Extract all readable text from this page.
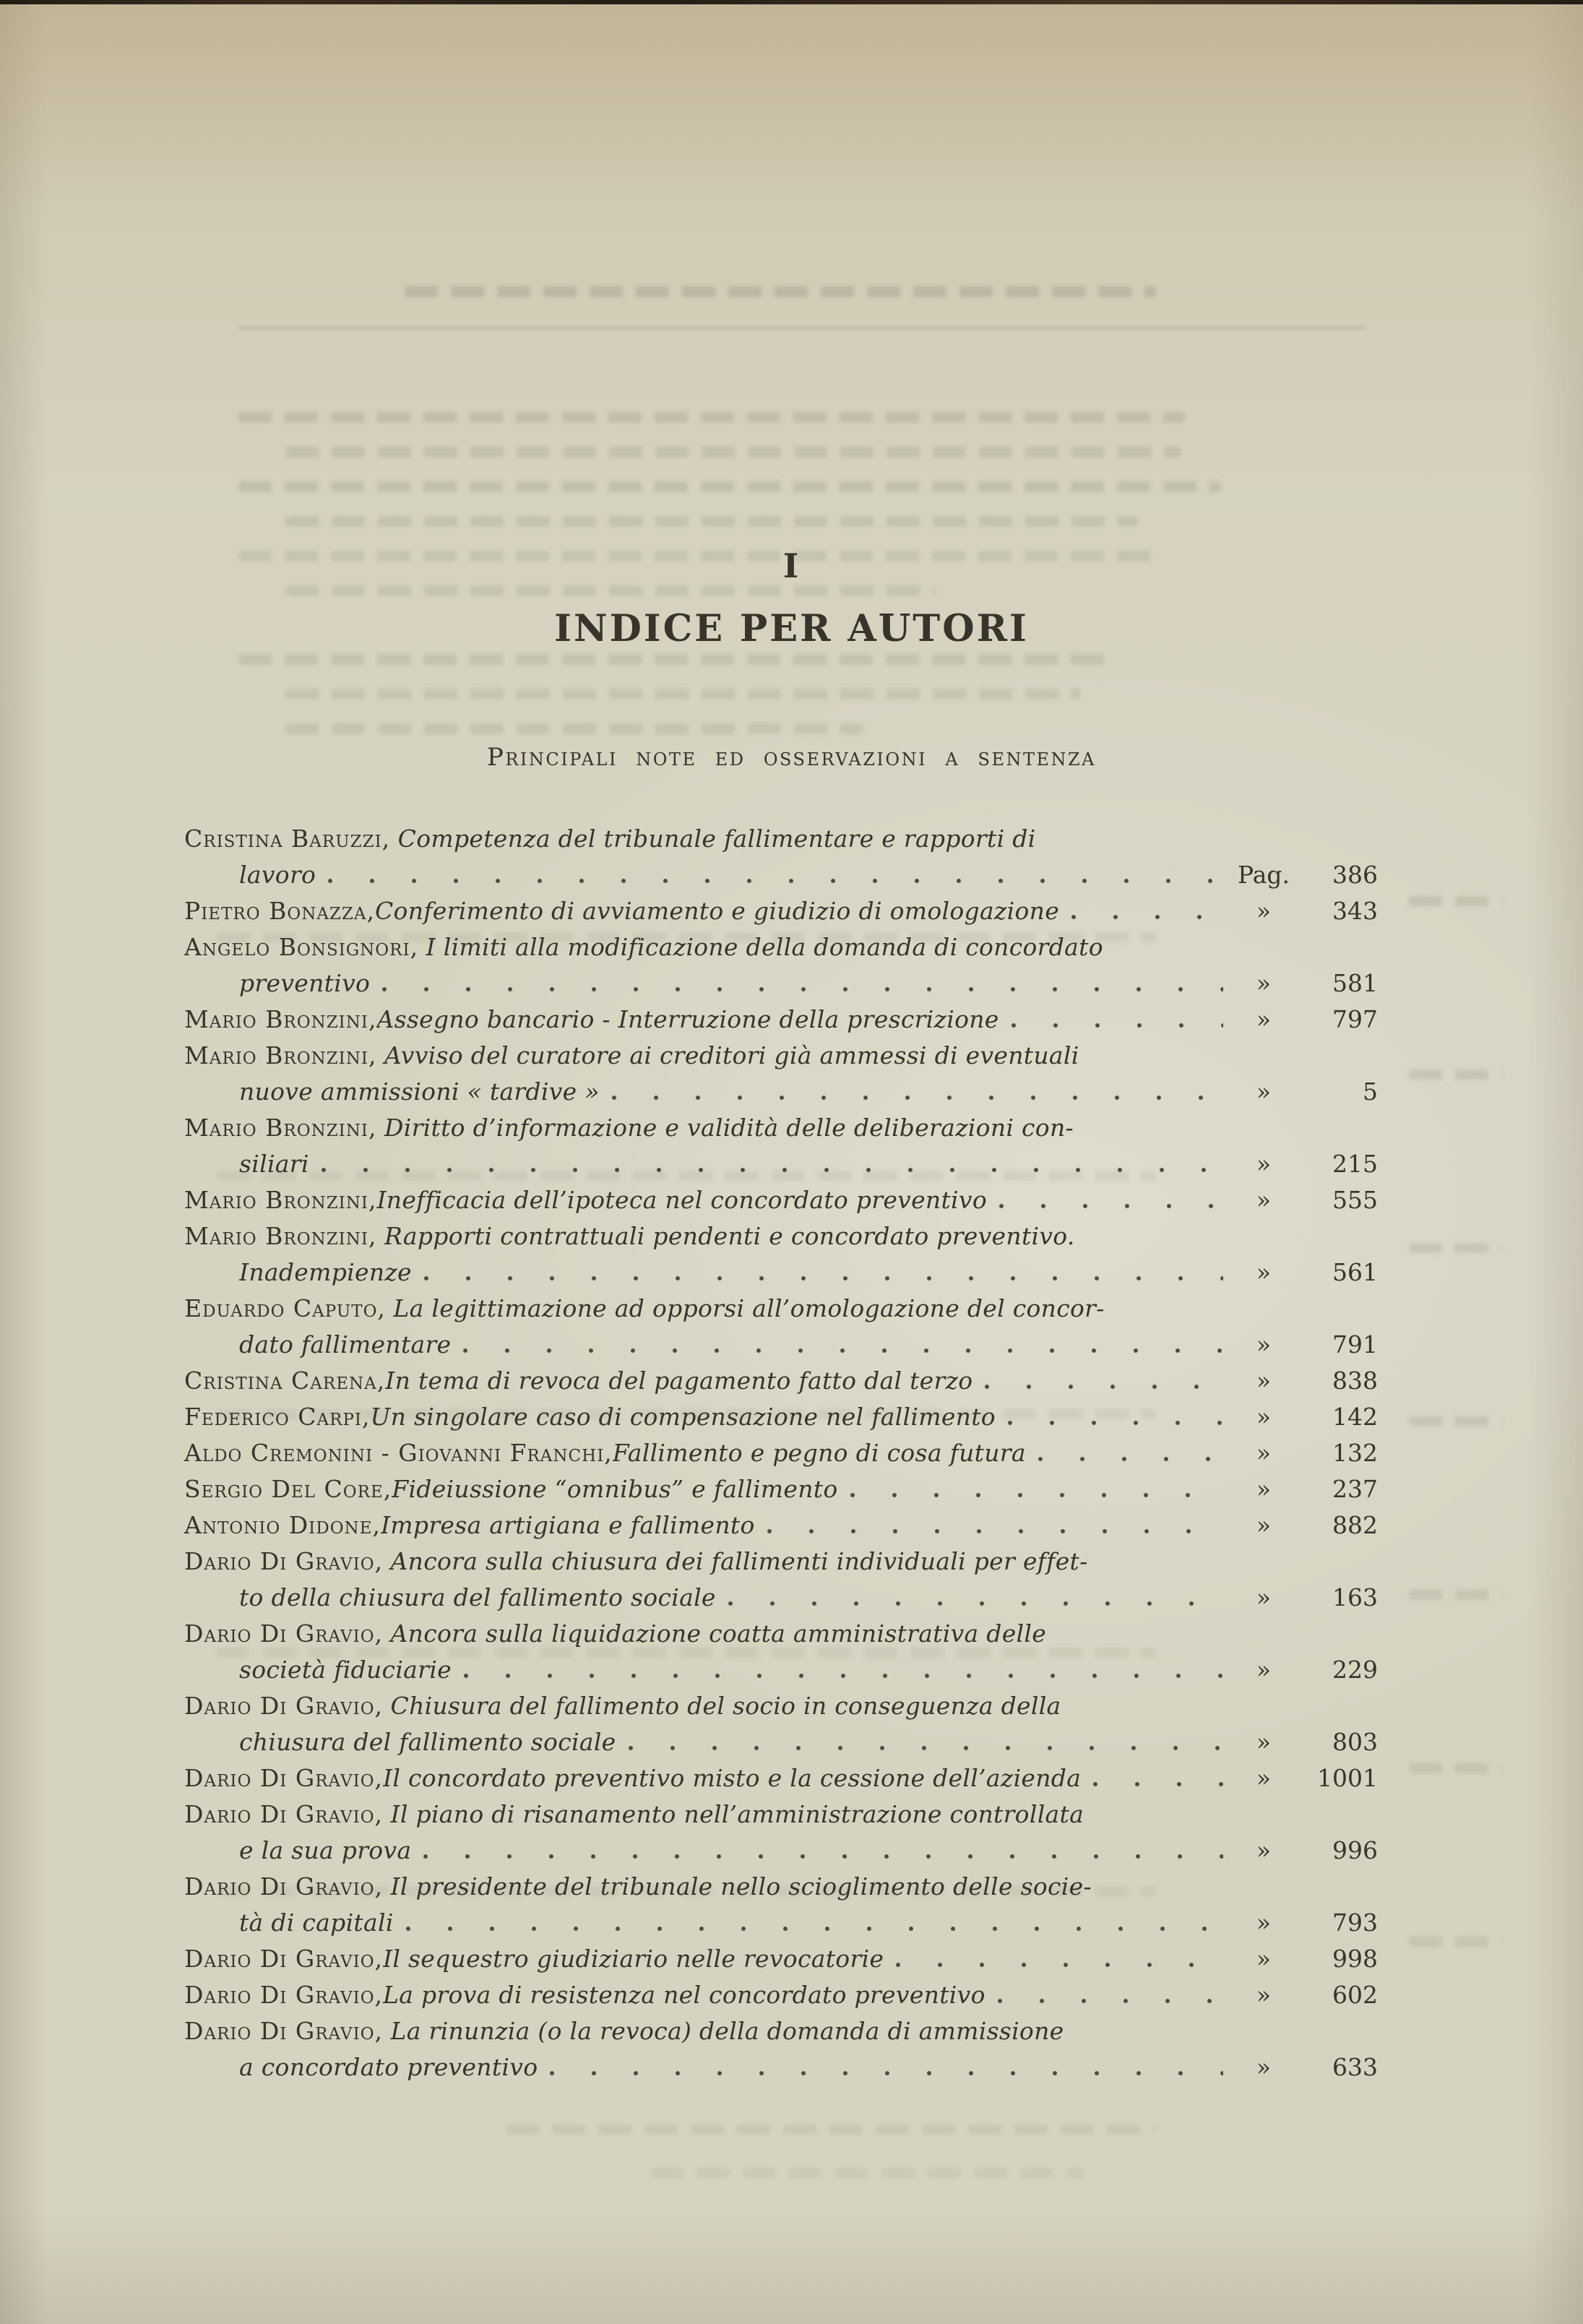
I
INDICE PER AUTORI
Principali note ed osservazioni a sentenza
Cristina Baruzzi, Competenza del tribunale fallimentare e rapporti di
lavoro	Pag.	386
Pietro Bonazza, Conferimento di avviamento e giudizio di omologazione	»	343
Angelo Bonsignori, I limiti alla modificazione della domanda di concordato
preventivo	»	581
Mario Bronzini, Assegno bancario - Interruzione della prescrizione	»	797
Mario Bronzini, Avviso del curatore ai creditori già ammessi di eventuali
nuove ammissioni « tardive »	»	5
Mario Bronzini, Diritto d’informazione e validità delle deliberazioni con-
siliari	»	215
Mario Bronzini, Inefficacia dell’ipoteca nel concordato preventivo	»	555
Mario Bronzini, Rapporti contrattuali pendenti e concordato preventivo.
Inadempienze	»	561
Eduardo Caputo, La legittimazione ad opporsi all’omologazione del concor-
dato fallimentare	»	791
Cristina Carena, In tema di revoca del pagamento fatto dal terzo	»	838
Federico Carpi, Un singolare caso di compensazione nel fallimento	»	142
Aldo Cremonini - Giovanni Franchi, Fallimento e pegno di cosa futura	»	132
Sergio Del Core, Fideiussione “omnibus” e fallimento	»	237
Antonio Didone, Impresa artigiana e fallimento	»	882
Dario Di Gravio, Ancora sulla chiusura dei fallimenti individuali per effet-
to della chiusura del fallimento sociale	»	163
Dario Di Gravio, Ancora sulla liquidazione coatta amministrativa delle
società fiduciarie	»	229
Dario Di Gravio, Chiusura del fallimento del socio in conseguenza della
chiusura del fallimento sociale	»	803
Dario Di Gravio, Il concordato preventivo misto e la cessione dell’azienda	»	1001
Dario Di Gravio, Il piano di risanamento nell’amministrazione controllata
e la sua prova	»	996
Dario Di Gravio, Il presidente del tribunale nello scioglimento delle socie-
tà di capitali	»	793
Dario Di Gravio, Il sequestro giudiziario nelle revocatorie	»	998
Dario Di Gravio, La prova di resistenza nel concordato preventivo	»	602
Dario Di Gravio, La rinunzia (o la revoca) della domanda di ammissione
a concordato preventivo	»	633
